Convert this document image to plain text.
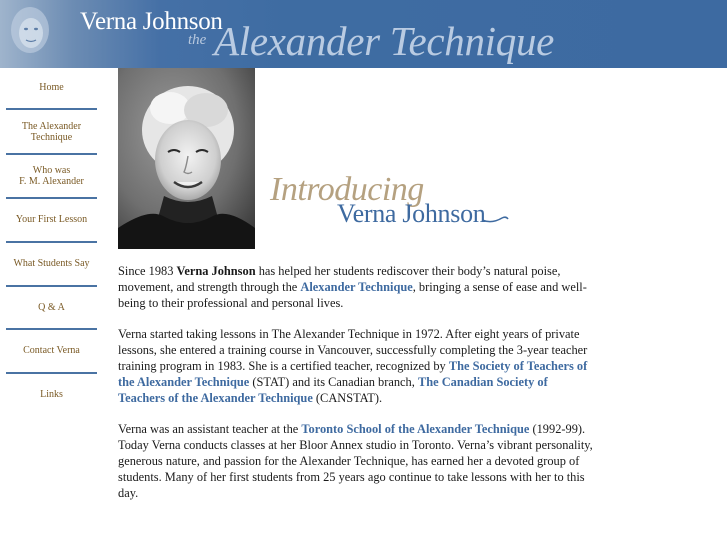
Verna Johnson
the Alexander Technique
Home
The Alexander
Technique
Who was
F. M. Alexander
Your First Lesson
What Students Say
Q & A
Contact Verna
Links
Introducing
Verna Johnson
Since 1983 Verna Johnson has helped her students rediscover their body’s natural poise, movement, and strength through the Alexander Technique, bringing a sense of ease and well-being to their professional and personal lives.
Verna started taking lessons in The Alexander Technique in 1972. After eight years of private lessons, she entered a training course in Vancouver, successfully completing the 3-year teacher training program in 1983. She is a certified teacher, recognized by The Society of Teachers of the Alexander Technique (STAT) and its Canadian branch, The Canadian Society of Teachers of the Alexander Technique (CANSTAT).
Verna was an assistant teacher at the Toronto School of the Alexander Technique (1992-99). Today Verna conducts classes at her Bloor Annex studio in Toronto. Verna’s vibrant personality, generous nature, and passion for the Alexander Technique, has earned her a devoted group of students. Many of her first students from 25 years ago continue to take lessons with her to this day.
